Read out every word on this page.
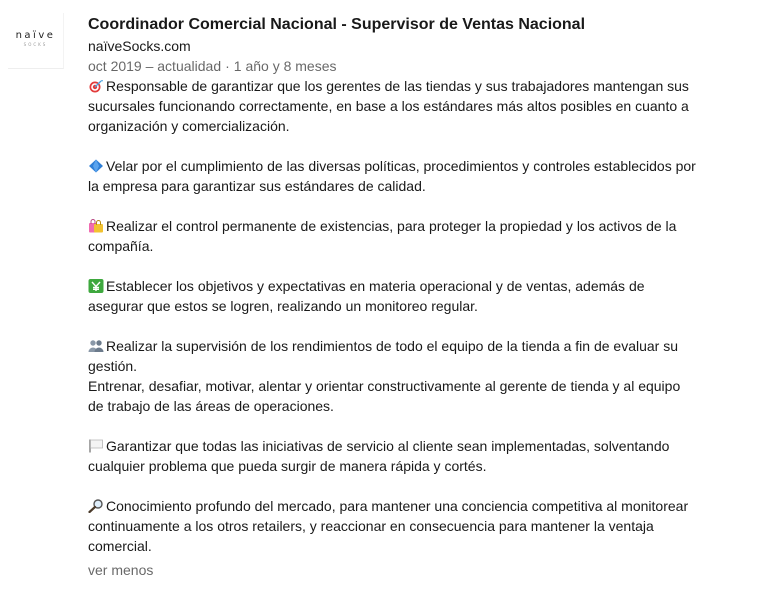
naïve
SOCKS
Coordinador Comercial Nacional - Supervisor de Ventas Nacional
naïveSocks.com
oct 2019 – actualidad · 1 año y 8 meses

Responsable de garantizar que los gerentes de las tiendas y sus trabajadores mantengan sus sucursales funcionando correctamente, en base a los estándares más altos posibles en cuanto a organización y comercialización.

Velar por el cumplimiento de las diversas políticas, procedimientos y controles establecidos por la empresa para garantizar sus estándares de calidad.

Realizar el control permanente de existencias, para proteger la propiedad y los activos de la compañía.

Establecer los objetivos y expectativas en materia operacional y de ventas, además de asegurar que estos se logren, realizando un monitoreo regular.

Realizar la supervisión de los rendimientos de todo el equipo de la tienda a fin de evaluar su gestión.
Entrenar, desafiar, motivar, alentar y orientar constructivamente al gerente de tienda y al equipo de trabajo de las áreas de operaciones.

Garantizar que todas las iniciativas de servicio al cliente sean implementadas, solventando cualquier problema que pueda surgir de manera rápida y cortés.

Conocimiento profundo del mercado, para mantener una conciencia competitiva al monitorear continuamente a los otros retailers, y reaccionar en consecuencia para mantener la ventaja comercial.

ver menos
